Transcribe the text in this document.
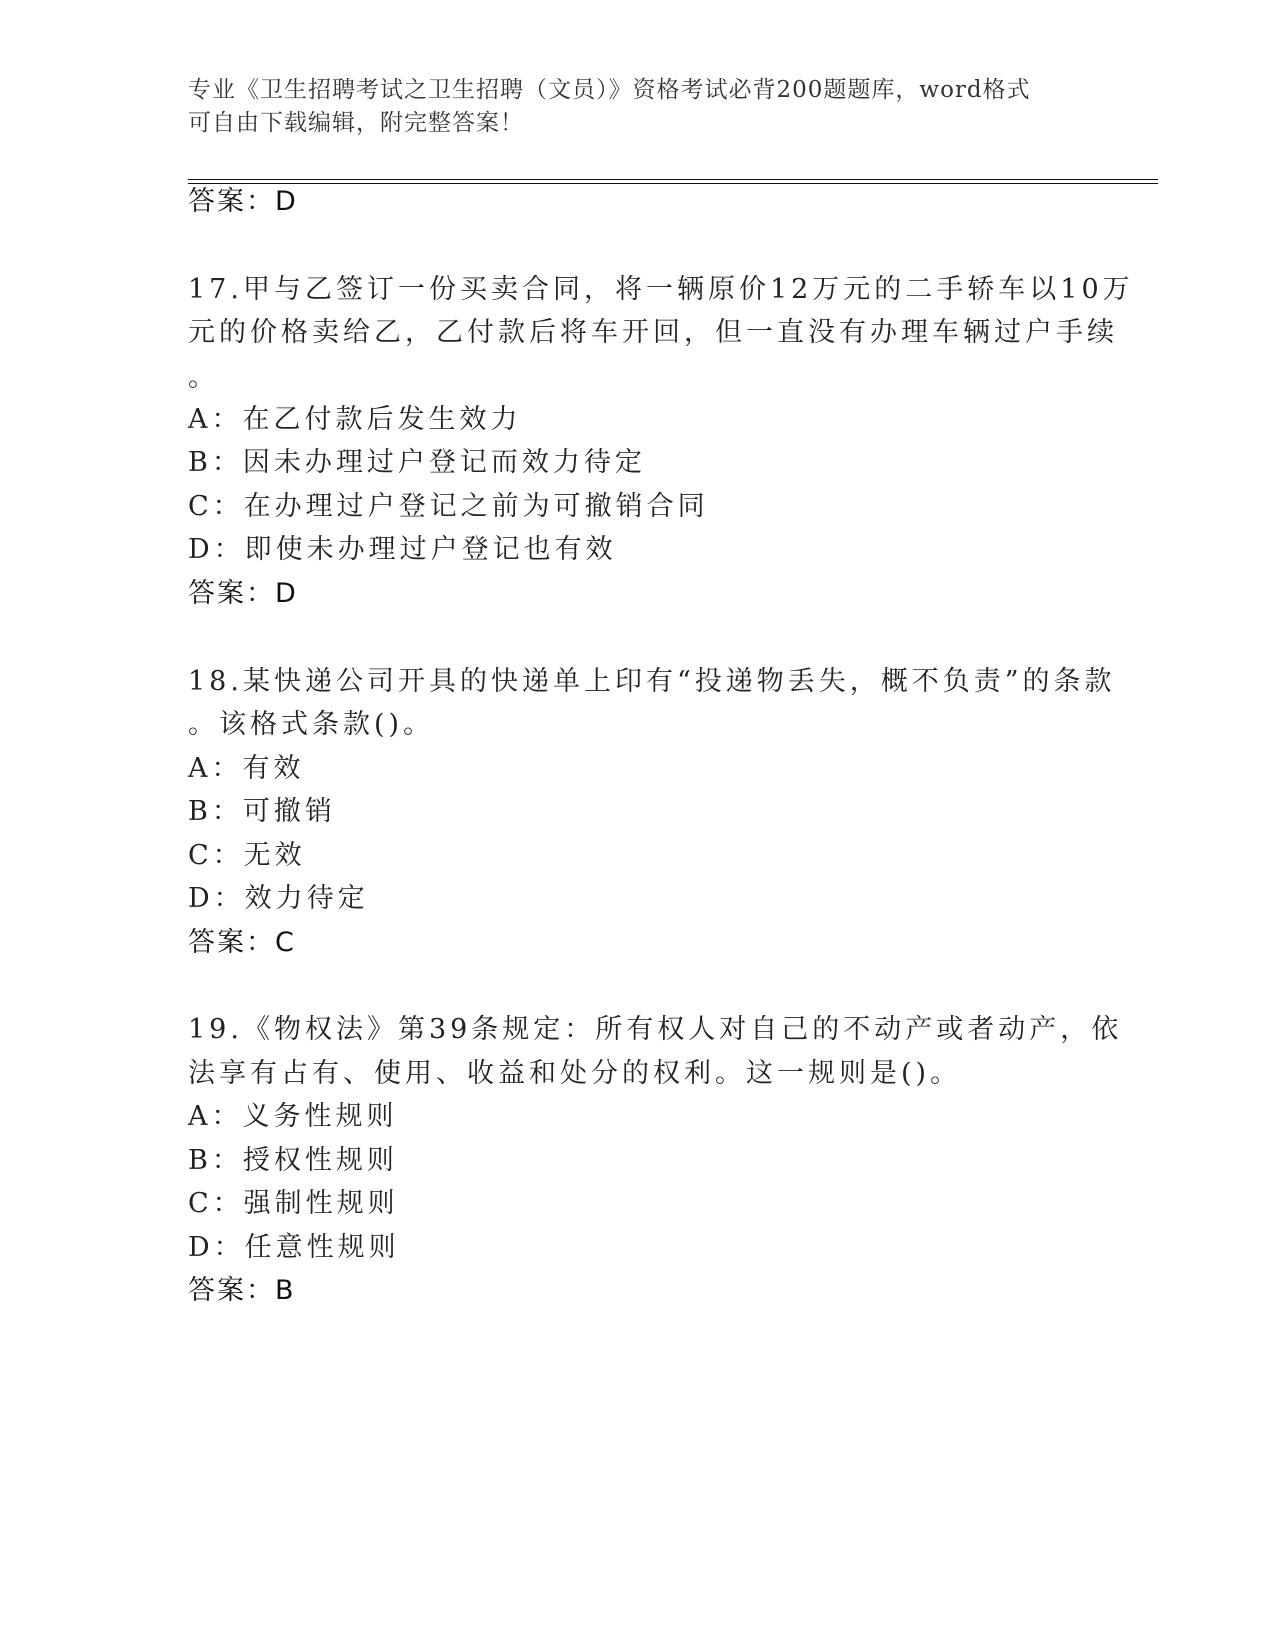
专业《卫生招聘考试之卫生招聘（文员）》资格考试必背200题题库，word格式
可自由下载编辑，附完整答案！
答案：D
17.甲与乙签订一份买卖合同，将一辆原价12万元的二手轿车以10万
元的价格卖给乙，乙付款后将车开回，但一直没有办理车辆过户手续
。
A：在乙付款后发生效力
B：因未办理过户登记而效力待定
C：在办理过户登记之前为可撤销合同
D：即使未办理过户登记也有效
答案：D
18.某快递公司开具的快递单上印有“投递物丢失，概不负责”的条款
。该格式条款()。
A：有效
B：可撤销
C：无效
D：效力待定
答案：C
19.《物权法》第39条规定：所有权人对自己的不动产或者动产，依
法享有占有、使用、收益和处分的权利。这一规则是()。
A：义务性规则
B：授权性规则
C：强制性规则
D：任意性规则
答案：B
